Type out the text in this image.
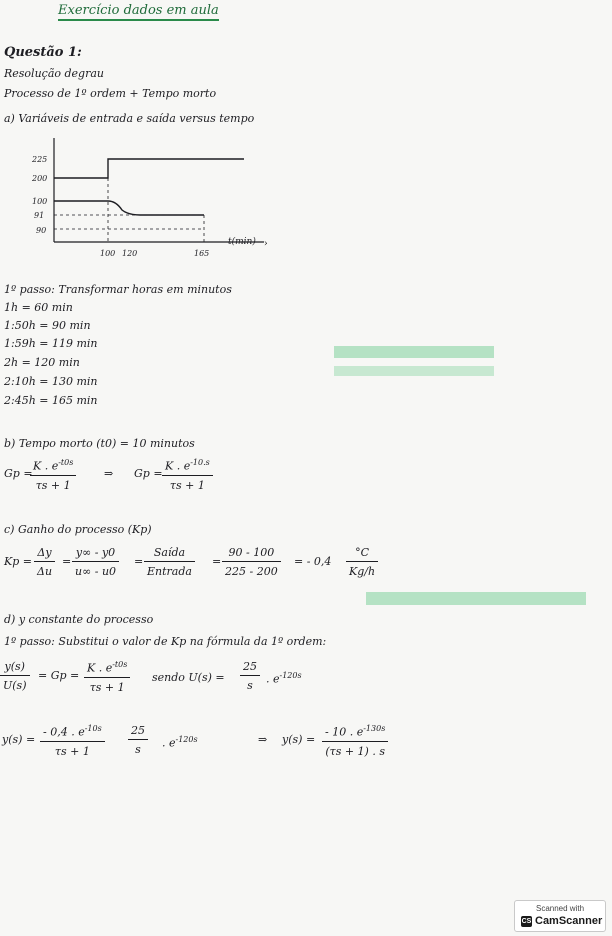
Exercício dados em aula
Questão 1:
Resolução degrau
Processo de 1º ordem + Tempo morto
a) Variáveis de entrada e saída versus tempo
›
225
200
100
91
90
100 120	165
t(min)
1º passo: Transformar horas em minutos
1h = 60 min
1:50h = 90 min
1:59h = 119 min
2h = 120 min
2:10h = 130 min
2:45h = 165 min
b) Tempo morto (t0) = 10 minutos
Gp =
$\frac{K . e^{-t0s}}{\tau s + 1}$	⇒ $Gp = \frac{K . e^{-10.s}}{\tau s + 1}$
c) Ganho do processo (Kp)
$Kp = \frac{\Delta y}{\Delta u} = \frac{y\infty - y0}{u\infty - u0}$ =
Saída
Entrada
= $\frac{90 - 100}{225 - 200}$ = - $0,4 \frac{^\circ C}{Kg/h}$
d) y constante do processo
1º passo: Substitui o valor de Kp na fórmula da 1º ordem:
$\frac{y(s)}{U(s)} = Gp = \frac{K . e^{-t0s}}{\tau s + 1}$ sendo $U(s) = \frac{25}{s}$ . $e^{-120s}$
$y(s) = \frac{- 0,4 . e^{-10s}}{\tau s + 1} \frac{25}{s}$ . $e^{-120s}$	⇒ $y(s) = \frac{- 10 . e^{-130s}}{(\tau s + 1) . s}$
Scanned with
CS CamScanner
